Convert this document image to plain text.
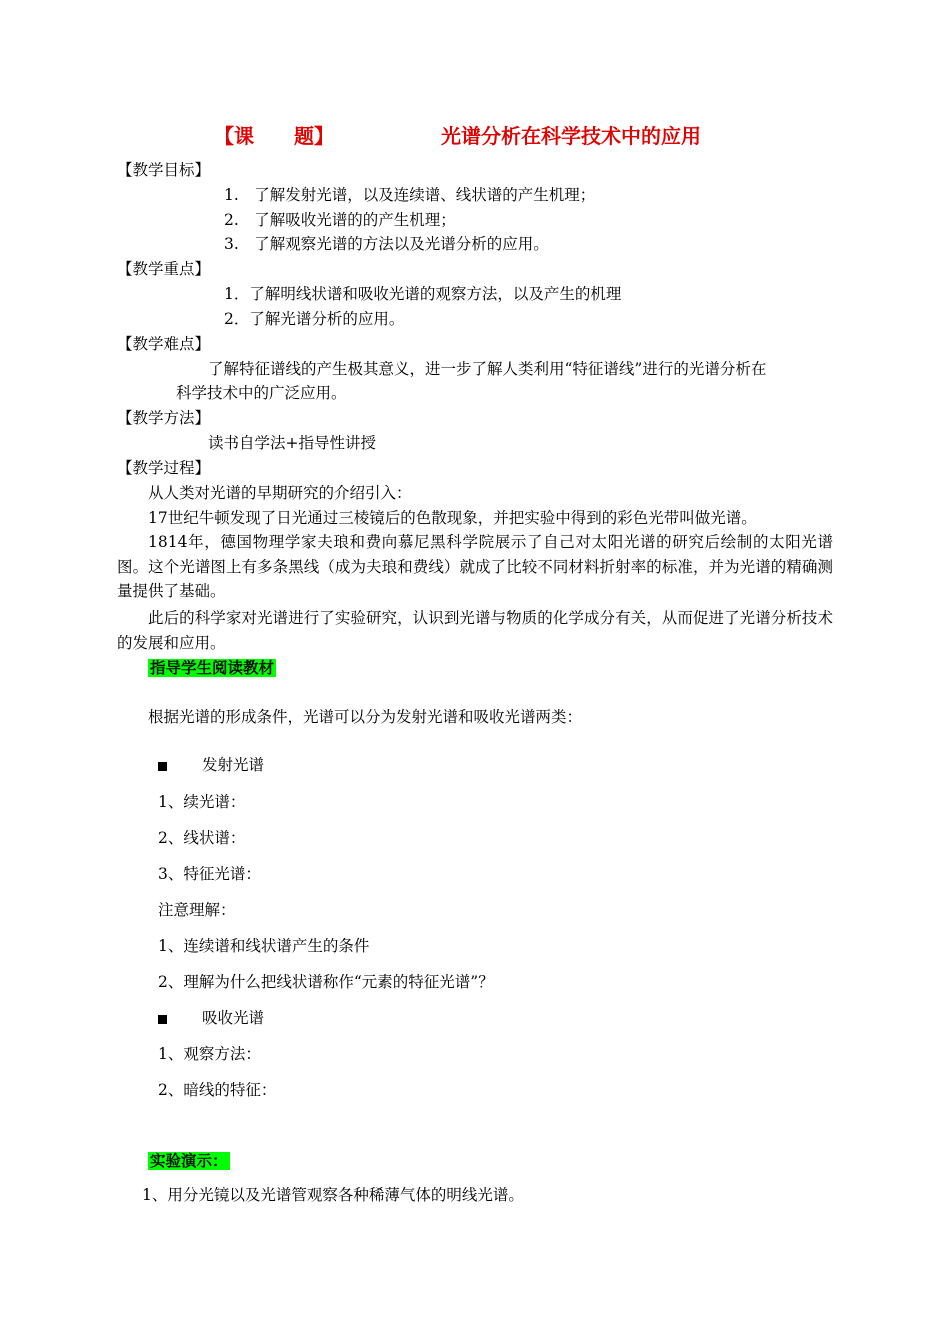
【课　　题】	光谱分析在科学技术中的应用
【教学目标】
1.　了解发射光谱，以及连续谱、线状谱的产生机理；
2.　了解吸收光谱的的产生机理；
3.　了解观察光谱的方法以及光谱分析的应用。
【教学重点】
1．了解明线状谱和吸收光谱的观察方法，以及产生的机理
2．了解光谱分析的应用。
【教学难点】
了解特征谱线的产生极其意义，进一步了解人类利用“特征谱线”进行的光谱分析在
科学技术中的广泛应用。
【教学方法】
读书自学法+指导性讲授
【教学过程】
从人类对光谱的早期研究的介绍引入：
17世纪牛顿发现了日光通过三棱镜后的色散现象，并把实验中得到的彩色光带叫做光谱。
1814年，德国物理学家夫琅和费向慕尼黑科学院展示了自己对太阳光谱的研究后绘制的太阳光谱图。这个光谱图上有多条黑线（成为夫琅和费线）就成了比较不同材料折射率的标准，并为光谱的精确测量提供了基础。
此后的科学家对光谱进行了实验研究，认识到光谱与物质的化学成分有关，从而促进了光谱分析技术的发展和应用。
指导学生阅读教材
根据光谱的形成条件，光谱可以分为发射光谱和吸收光谱两类：
发射光谱
1、续光谱：
2、线状谱：
3、特征光谱：
注意理解：
1、连续谱和线状谱产生的条件
2、理解为什么把线状谱称作“元素的特征光谱”？
吸收光谱
1、观察方法：
2、暗线的特征：
实验演示：
1、用分光镜以及光谱管观察各种稀薄气体的明线光谱。
